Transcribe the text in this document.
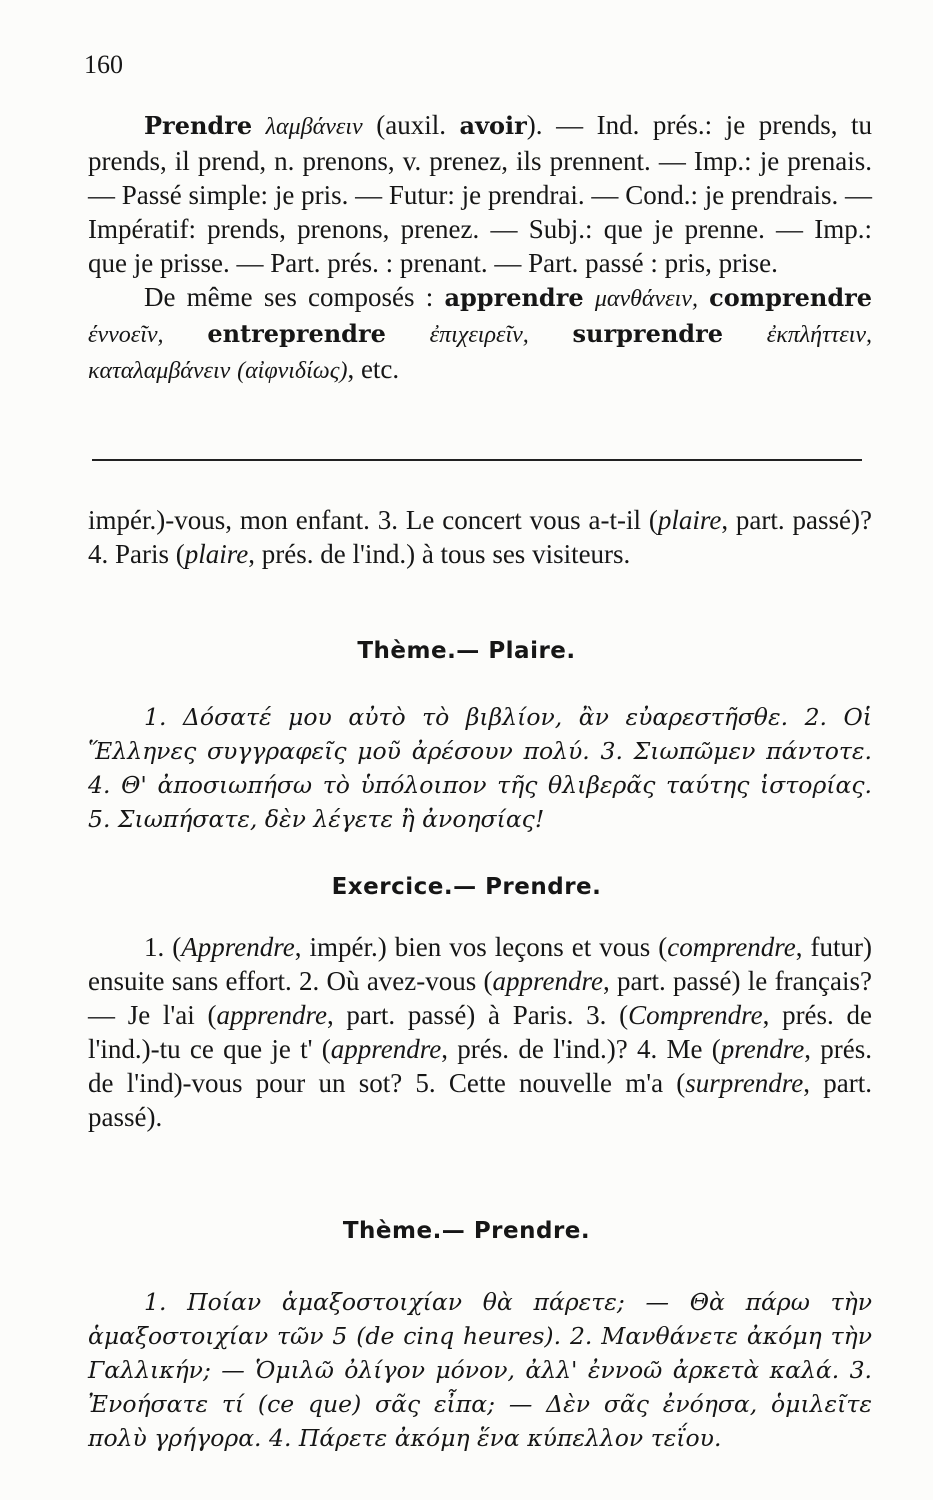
160

Prendre λαμβάνειν (auxil. avoir). — Ind. prés.: je prends, tu prends, il prend, n. prenons, v. prenez, ils prennent. — Imp.: je prenais. — Passé simple: je pris. — Futur: je prendrai. — Cond.: je prendrais. — Impératif: prends, prenons, prenez. — Subj.: que je prenne. — Imp.: que je prisse. — Part. prés. : prenant. — Part. passé : pris, prise.

De même ses composés : apprendre μανθάνειν, comprendre έννοεῖν, entreprendre ἐπιχειρεῖν, surprendre ἐκπλήττειν, καταλαμβάνειν (αἰφνιδίως), etc.

impér.)-vous, mon enfant. 3. Le concert vous a-t-il (plaire, part. passé)? 4. Paris (plaire, prés. de l'ind.) à tous ses visiteurs.

Thème.— Plaire.

1. Δόσατέ μου αὐτὸ τὸ βιβλίον, ἂν εὐαρεστῆσθε. 2. Οἱ Ἕλληνες συγγραφεῖς μοῦ ἀρέσουν πολύ. 3. Σιωπῶμεν πάντοτε. 4. Θ' ἀποσιωπήσω τὸ ὑπόλοιπον τῆς θλιβερᾶς ταύτης ἱστορίας. 5. Σιωπήσατε, δὲν λέγετε ἢ ἀνοησίας!

Exercice.— Prendre.

1. (Apprendre, impér.) bien vos leçons et vous (comprendre, futur) ensuite sans effort. 2. Où avez-vous (apprendre, part. passé) le français? — Je l'ai (apprendre, part. passé) à Paris. 3. (Comprendre, prés. de l'ind.)-tu ce que je t' (apprendre, prés. de l'ind.)? 4. Me (prendre, prés. de l'ind)-vous pour un sot? 5. Cette nouvelle m'a (surprendre, part. passé).

Thème.— Prendre.

1. Ποίαν ἁμαξοστοιχίαν θὰ πάρετε; — Θὰ πάρω τὴν ἁμαξοστοιχίαν τῶν 5 (de cinq heures). 2. Μανθάνετε ἀκόμη τὴν Γαλλικήν; — Ὁμιλῶ ὀλίγον μόνον, ἀλλ' ἐννοῶ ἀρκετὰ καλά. 3. Ἐνοήσατε τί (ce que) σᾶς εἶπα; — Δὲν σᾶς ἐνόησα, ὁμιλεῖτε πολὺ γρήγορα. 4. Πάρετε ἀκόμη ἕνα κύπελλον τεΐου.
